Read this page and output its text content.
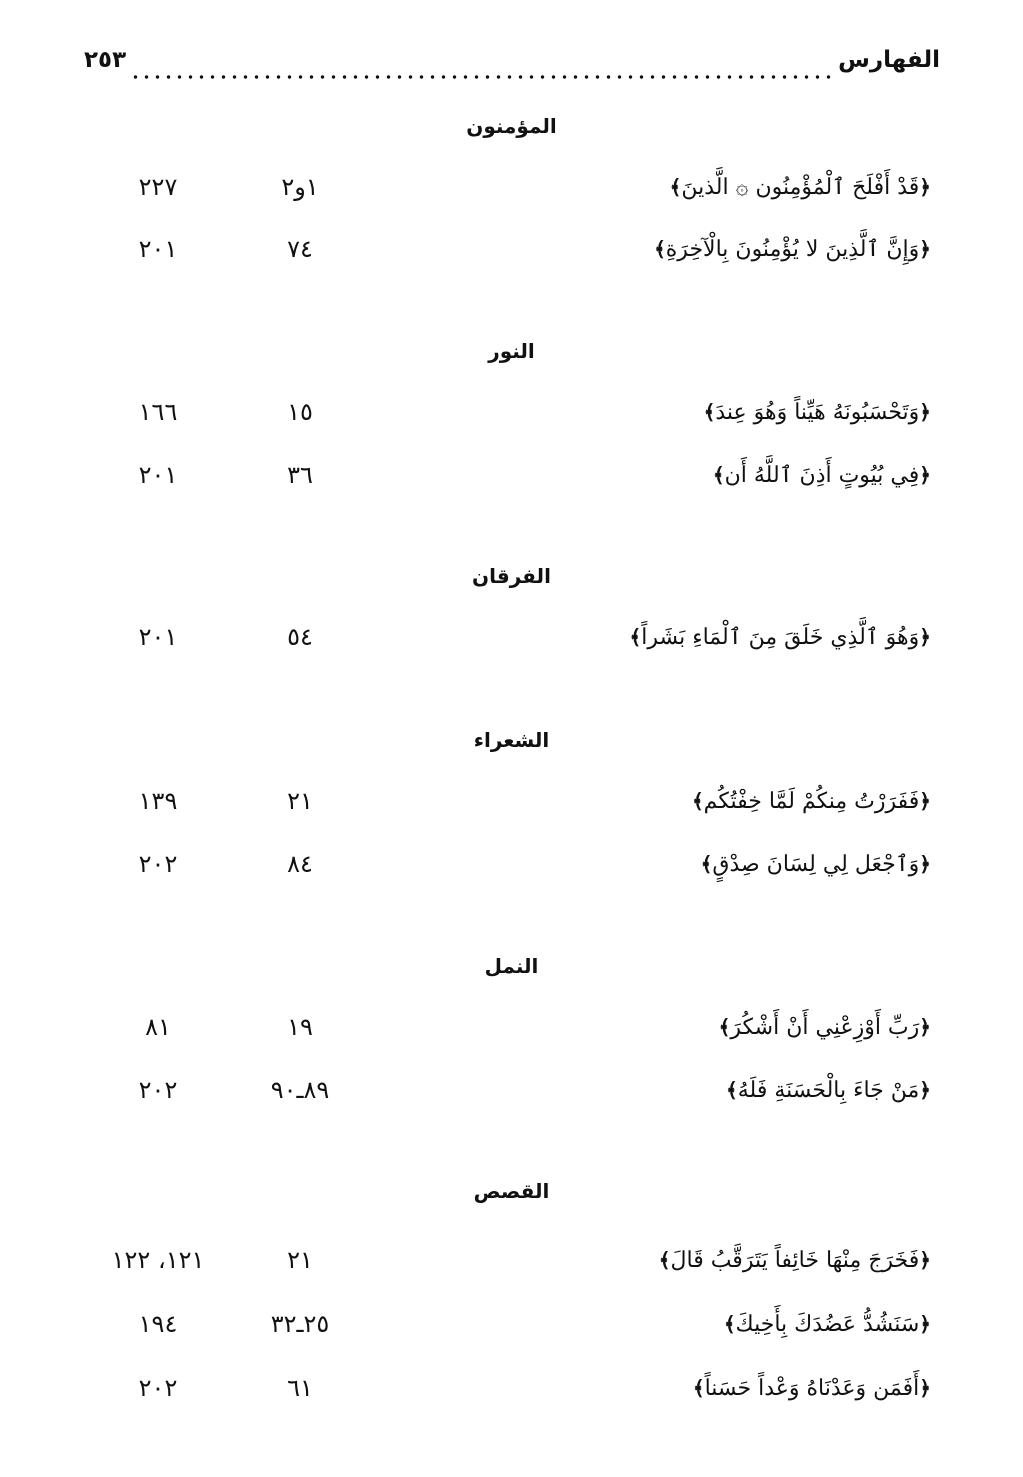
الفهارس
٢٥٣
المؤمنون
﴿قَدْ أَفْلَحَ ٱلْمُؤْمِنُون ۞ الَّذينَ﴾
١و٢
٢٢٧
﴿وَإِنَّ ٱلَّذِينَ لا يُؤْمِنُونَ بِالْآخِرَةِ﴾
٧٤
٢٠١
النور
﴿وَتَحْسَبُونَهُ هَيِّناً وَهُوَ عِندَ﴾
١٥
١٦٦
﴿فِي بُيُوتٍ أَذِنَ ٱللَّهُ أَن﴾
٣٦
٢٠١
الفرقان
﴿وَهُوَ ٱلَّذِي خَلَقَ مِنَ ٱلْمَاءِ بَشَراً﴾
٥٤
٢٠١
الشعراء
﴿فَفَرَرْتُ مِنكُمْ لَمَّا خِفْتُكُم﴾
٢١
١٣٩
﴿وَٱجْعَل لِي لِسَانَ صِدْقٍ﴾
٨٤
٢٠٢
النمل
﴿رَبِّ أَوْزِعْنِي أَنْ أَشْكُرَ﴾
١٩
٨١
﴿مَنْ جَاءَ بِالْحَسَنَةِ فَلَهُ﴾
٨٩ـ٩٠
٢٠٢
القصص
﴿فَخَرَجَ مِنْهَا خَائِفاً يَتَرَقَّبُ قَالَ﴾
٢١
١٢١، ١٢٢
﴿سَنَشُدُّ عَضُدَكَ بِأَخِيكَ﴾
٢٥ـ٣٢
١٩٤
﴿أَفَمَن وَعَدْنَاهُ وَعْداً حَسَناً﴾
٦١
٢٠٢
